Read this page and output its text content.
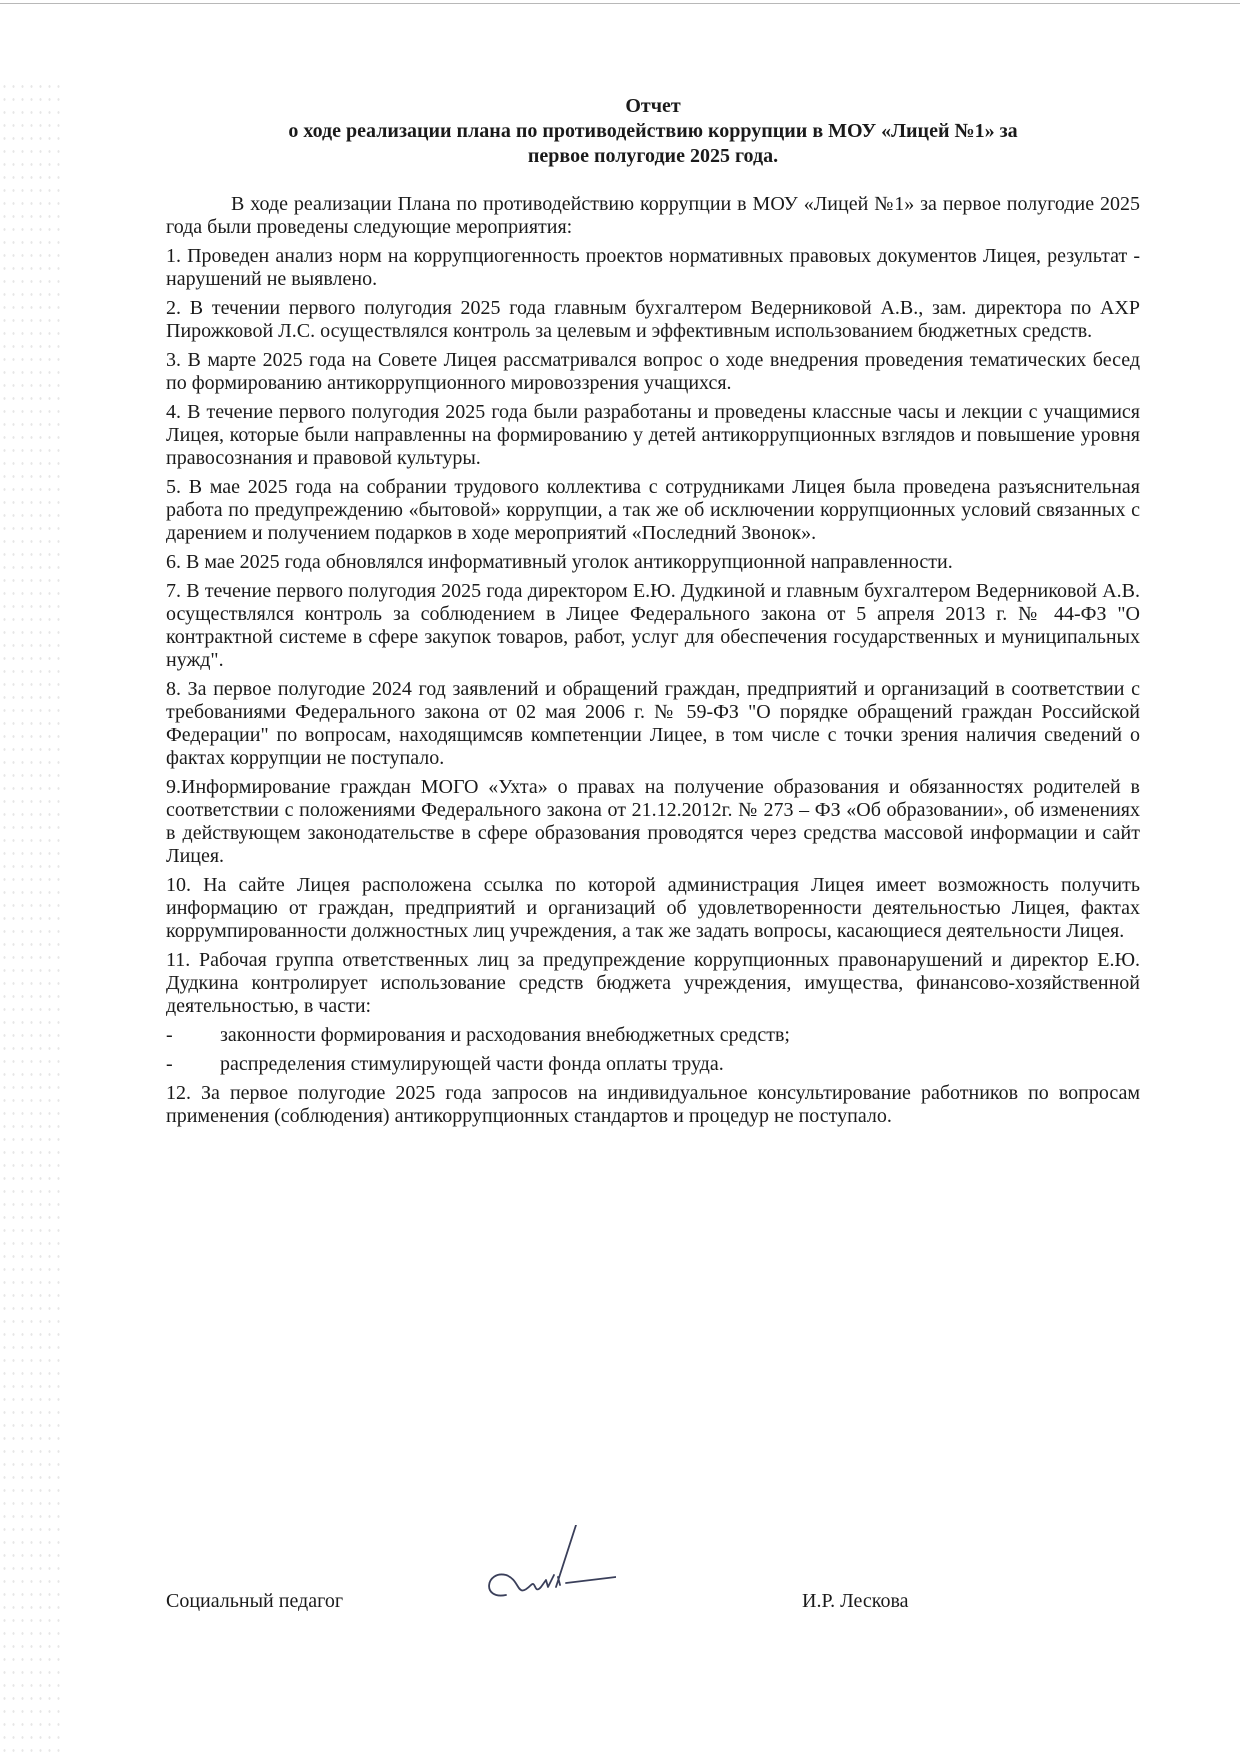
Отчет
о ходе реализации плана по противодействию коррупции в МОУ «Лицей №1» за
первое полугодие 2025 года.

В ходе реализации Плана по противодействию коррупции в МОУ «Лицей №1» за первое полугодие 2025 года были проведены следующие мероприятия:

1. Проведен анализ норм на коррупциогенность проектов нормативных правовых документов Лицея, результат - нарушений не выявлено.

2. В течении первого полугодия 2025 года главным бухгалтером Ведерниковой А.В., зам. директора по АХР Пирожковой Л.С. осуществлялся контроль за целевым и эффективным использованием бюджетных средств.

3. В марте 2025 года на Совете Лицея рассматривался вопрос о ходе внедрения проведения тематических бесед по формированию антикоррупционного мировоззрения учащихся.

4. В течение первого полугодия 2025 года были разработаны и проведены классные часы и лекции с учащимися Лицея, которые были направленны на формированию у детей антикоррупционных взглядов и повышение уровня правосознания и правовой культуры.

5. В мае 2025 года на собрании трудового коллектива с сотрудниками Лицея была проведена разъяснительная работа по предупреждению «бытовой» коррупции, а так же об исключении коррупционных условий связанных с дарением и получением подарков в ходе мероприятий «Последний Звонок».

6. В мае 2025 года обновлялся информативный уголок антикоррупционной направленности.

7. В течение первого полугодия 2025 года директором Е.Ю. Дудкиной и главным бухгалтером Ведерниковой А.В. осуществлялся контроль за соблюдением в Лицее Федерального закона от 5 апреля 2013 г. № 44-ФЗ "О контрактной системе в сфере закупок товаров, работ, услуг для обеспечения государственных и муниципальных нужд".

8. За первое полугодие 2024 год заявлений и обращений граждан, предприятий и организаций в соответствии с требованиями Федерального закона от 02 мая 2006 г. № 59-ФЗ "О порядке обращений граждан Российской Федерации" по вопросам, находящимсяв компетенции Лицее, в том числе с точки зрения наличия сведений о фактах коррупции не поступало.

9.Информирование граждан МОГО «Ухта» о правах на получение образования и обязанностях родителей в соответствии с положениями Федерального закона от 21.12.2012г. № 273 – ФЗ «Об образовании», об изменениях в действующем законодательстве в сфере образования проводятся через средства массовой информации и сайт Лицея.

10. На сайте Лицея расположена ссылка по которой администрация Лицея имеет возможность получить информацию от граждан, предприятий и организаций об удовлетворенности деятельностью Лицея, фактах коррумпированности должностных лиц учреждения, а так же задать вопросы, касающиеся деятельности Лицея.

11. Рабочая группа ответственных лиц за предупреждение коррупционных правонарушений и директор Е.Ю. Дудкина контролирует использование средств бюджета учреждения, имущества, финансово-хозяйственной деятельностью, в части:

-	законности формирования и расходования внебюджетных средств;
-	распределения стимулирующей части фонда оплаты труда.

12. За первое полугодие 2025 года запросов на индивидуальное консультирование работников по вопросам применения (соблюдения) антикоррупционных стандартов и процедур не поступало.

Социальный педагог	И.Р. Лескова
